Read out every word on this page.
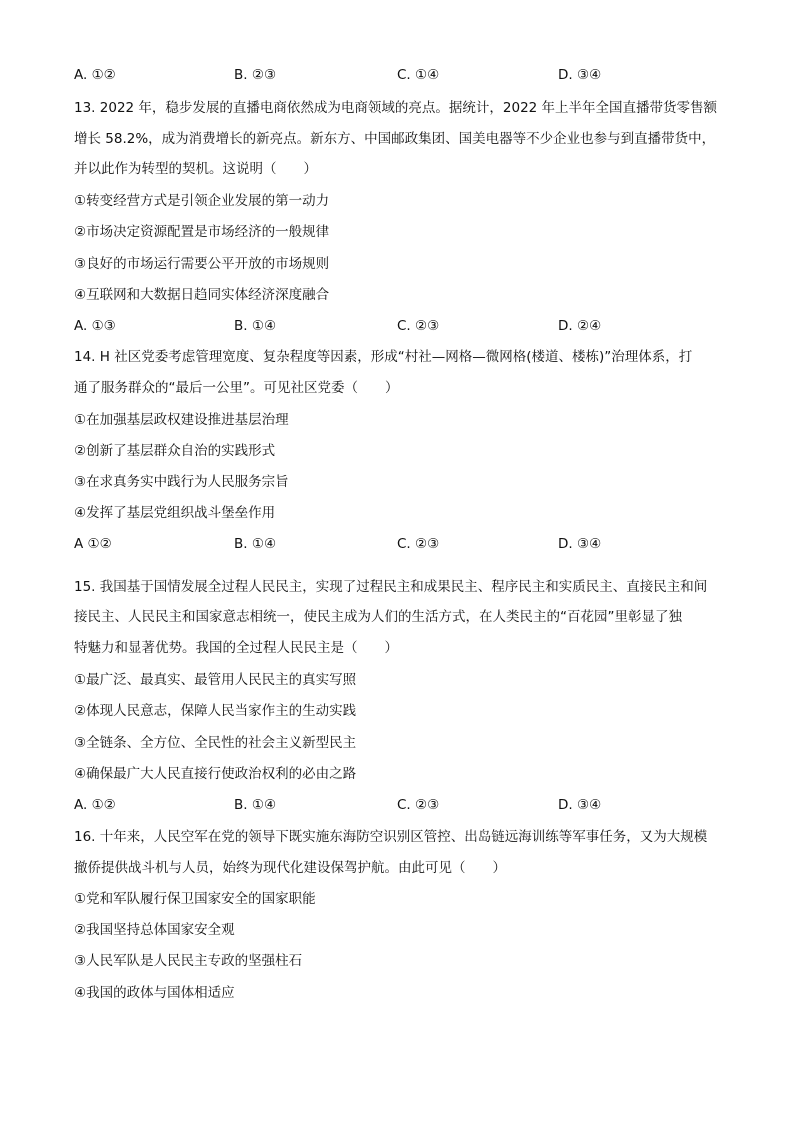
A. ①②	B. ②③	C. ①④	D. ③④
13. 2022 年，稳步发展的直播电商依然成为电商领域的亮点。据统计，2022 年上半年全国直播带货零售额
增长 58.2%，成为消费增长的新亮点。新东方、中国邮政集团、国美电器等不少企业也参与到直播带货中，
并以此作为转型的契机。这说明（　　）
①转变经营方式是引领企业发展的第一动力
②市场决定资源配置是市场经济的一般规律
③良好的市场运行需要公平开放的市场规则
④互联网和大数据日趋同实体经济深度融合
A. ①③	B. ①④	C. ②③	D. ②④
14. H 社区党委考虑管理宽度、复杂程度等因素，形成“村社—网格—微网格(楼道、楼栋)”治理体系，打
通了服务群众的“最后一公里”。可见社区党委（　　）
①在加强基层政权建设推进基层治理
②创新了基层群众自治的实践形式
③在求真务实中践行为人民服务宗旨
④发挥了基层党组织战斗堡垒作用
A ①②	B. ①④	C. ②③	D. ③④
15. 我国基于国情发展全过程人民民主，实现了过程民主和成果民主、程序民主和实质民主、直接民主和间
接民主、人民民主和国家意志相统一，使民主成为人们的生活方式，在人类民主的“百花园”里彰显了独
特魅力和显著优势。我国的全过程人民民主是（　　）
①最广泛、最真实、最管用人民民主的真实写照
②体现人民意志，保障人民当家作主的生动实践
③全链条、全方位、全民性的社会主义新型民主
④确保最广大人民直接行使政治权利的必由之路
A. ①②	B. ①④	C. ②③	D. ③④
16. 十年来，人民空军在党的领导下既实施东海防空识别区管控、出岛链远海训练等军事任务，又为大规模
撤侨提供战斗机与人员，始终为现代化建设保驾护航。由此可见（　　）
①党和军队履行保卫国家安全的国家职能
②我国坚持总体国家安全观
③人民军队是人民民主专政的坚强柱石
④我国的政体与国体相适应
